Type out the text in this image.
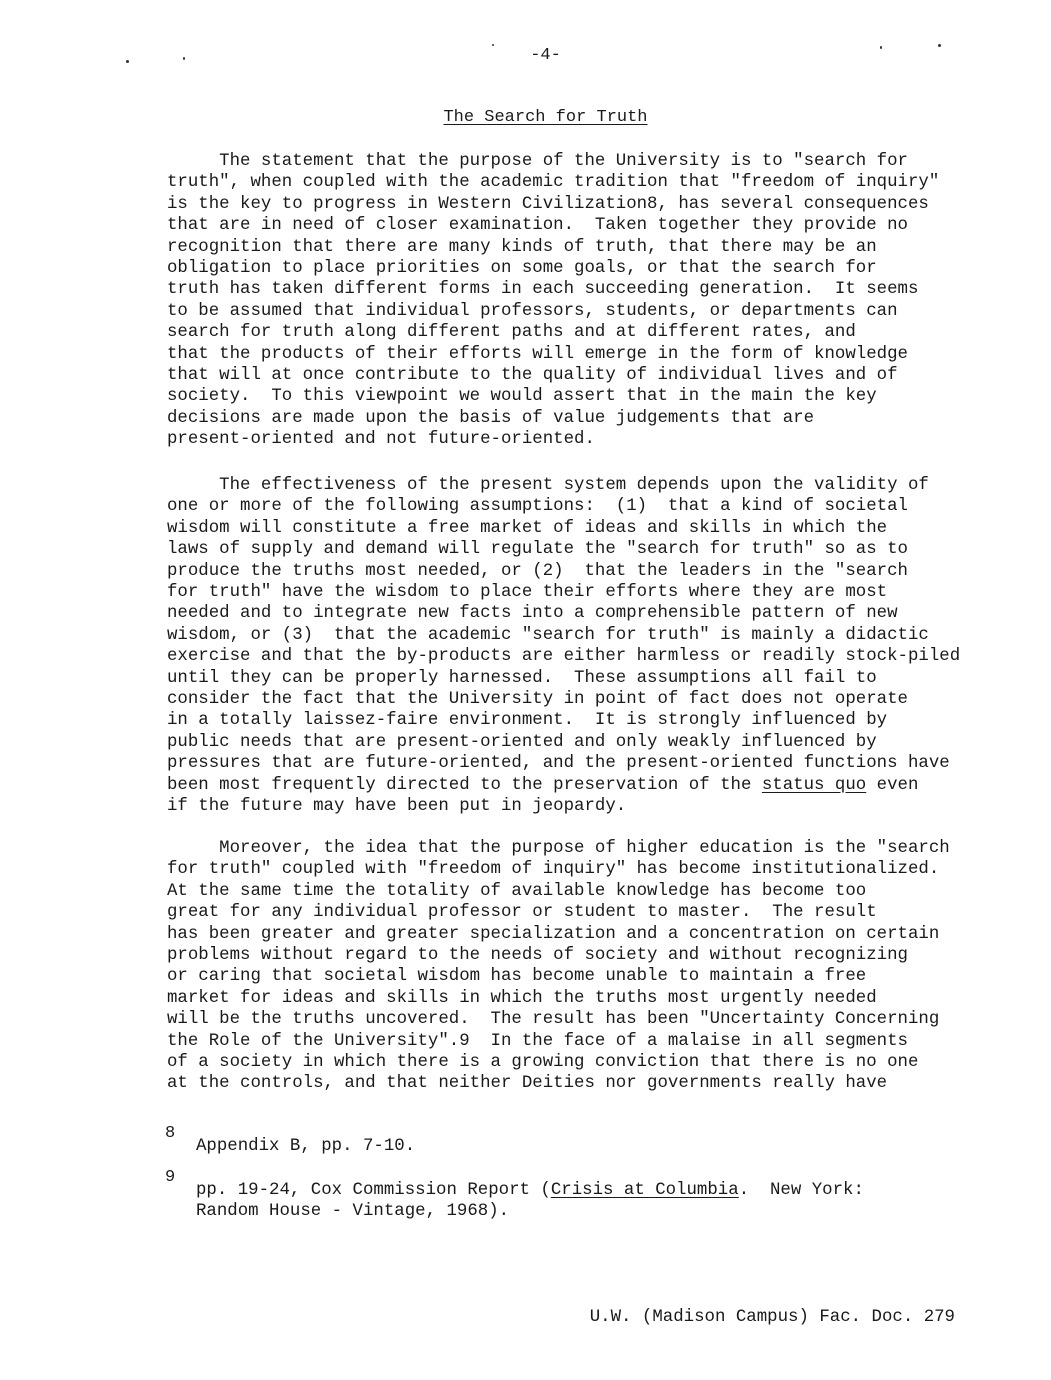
-4-
The Search for Truth
The statement that the purpose of the University is to "search for
truth", when coupled with the academic tradition that "freedom of inquiry"
is the key to progress in Western Civilization8, has several consequences
that are in need of closer examination.  Taken together they provide no
recognition that there are many kinds of truth, that there may be an
obligation to place priorities on some goals, or that the search for
truth has taken different forms in each succeeding generation.  It seems
to be assumed that individual professors, students, or departments can
search for truth along different paths and at different rates, and
that the products of their efforts will emerge in the form of knowledge
that will at once contribute to the quality of individual lives and of
society.  To this viewpoint we would assert that in the main the key
decisions are made upon the basis of value judgements that are
present-oriented and not future-oriented.
The effectiveness of the present system depends upon the validity of
one or more of the following assumptions:  (1)  that a kind of societal
wisdom will constitute a free market of ideas and skills in which the
laws of supply and demand will regulate the "search for truth" so as to
produce the truths most needed, or (2)  that the leaders in the "search
for truth" have the wisdom to place their efforts where they are most
needed and to integrate new facts into a comprehensible pattern of new
wisdom, or (3)  that the academic "search for truth" is mainly a didactic
exercise and that the by-products are either harmless or readily stock-piled
until they can be properly harnessed.  These assumptions all fail to
consider the fact that the University in point of fact does not operate
in a totally laissez-faire environment.  It is strongly influenced by
public needs that are present-oriented and only weakly influenced by
pressures that are future-oriented, and the present-oriented functions have
been most frequently directed to the preservation of the status quo even
if the future may have been put in jeopardy.
Moreover, the idea that the purpose of higher education is the "search
for truth" coupled with "freedom of inquiry" has become institutionalized.
At the same time the totality of available knowledge has become too
great for any individual professor or student to master.  The result
has been greater and greater specialization and a concentration on certain
problems without regard to the needs of society and without recognizing
or caring that societal wisdom has become unable to maintain a free
market for ideas and skills in which the truths most urgently needed
will be the truths uncovered.  The result has been "Uncertainty Concerning
the Role of the University".9  In the face of a malaise in all segments
of a society in which there is a growing conviction that there is no one
at the controls, and that neither Deities nor governments really have
8
Appendix B, pp. 7-10.
9
pp. 19-24, Cox Commission Report (Crisis at Columbia.  New York:
Random House - Vintage, 1968).
U.W. (Madison Campus) Fac. Doc. 279
